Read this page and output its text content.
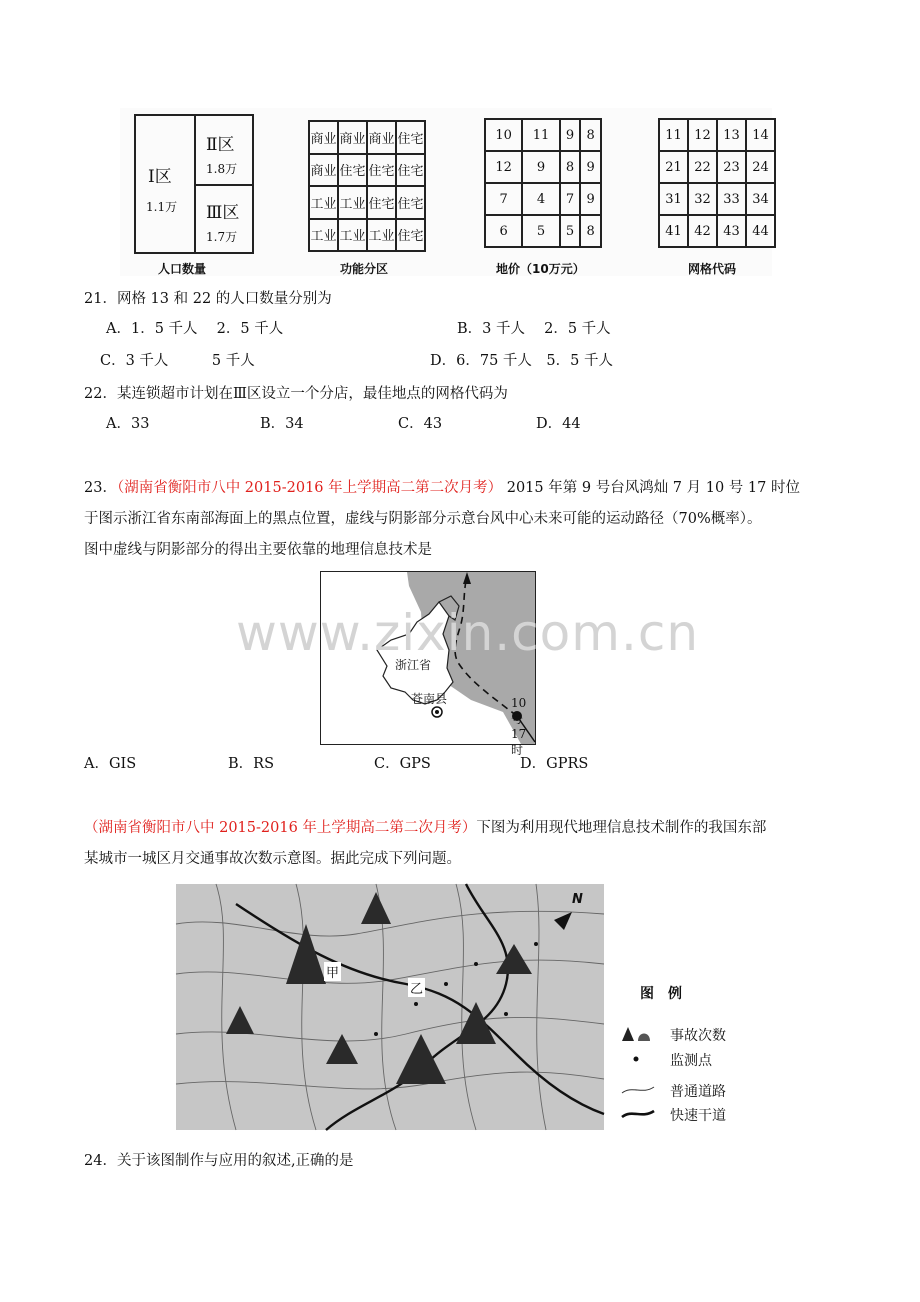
Ⅰ区
1.1万
Ⅱ区
1.8万
Ⅲ区
1.7万
商业	商业	商业	住宅
商业	住宅	住宅	住宅
工业	工业	住宅	住宅
工业	工业	工业	住宅
10	11	9	8
12	9	8	9
7	4	7	9
6	5	5	8
11	12	13	14
21	22	23	24
31	32	33	34
41	42	43	44
人口数量	功能分区	地价（10万元）	网格代码
21．网格 13 和 22 的人口数量分别为
A．1．5 千人　 2．5 千人	B．3 千人　 2．5 千人
C．3 千人　　　5 千人	D．6．75 千人　5．5 千人
22．某连锁超市计划在Ⅲ区设立一个分店，最佳地点的网格代码为
A．33	B．34	C．43	D．44
23．（湖南省衡阳市八中 2015-2016 年上学期高二第二次月考） 2015 年第 9 号台风鸿灿 7 月 10 号 17 时位
于图示浙江省东南部海面上的黑点位置，虚线与阴影部分示意台风中心未来可能的运动路径（70%概率）。
图中虚线与阴影部分的得出主要依靠的地理信息技术是
浙江省
苍南县	10 号 17 时
www.zixin.com.cn
A．GIS	B．RS	C．GPS	D．GPRS
（湖南省衡阳市八中 2015-2016 年上学期高二第二次月考）下图为利用现代地理信息技术制作的我国东部
某城市一城区月交通事故次数示意图。据此完成下列问题。
甲
乙
N
图　例
事故次数
监测点
普通道路
快速干道
24．关于该图制作与应用的叙述,正确的是
